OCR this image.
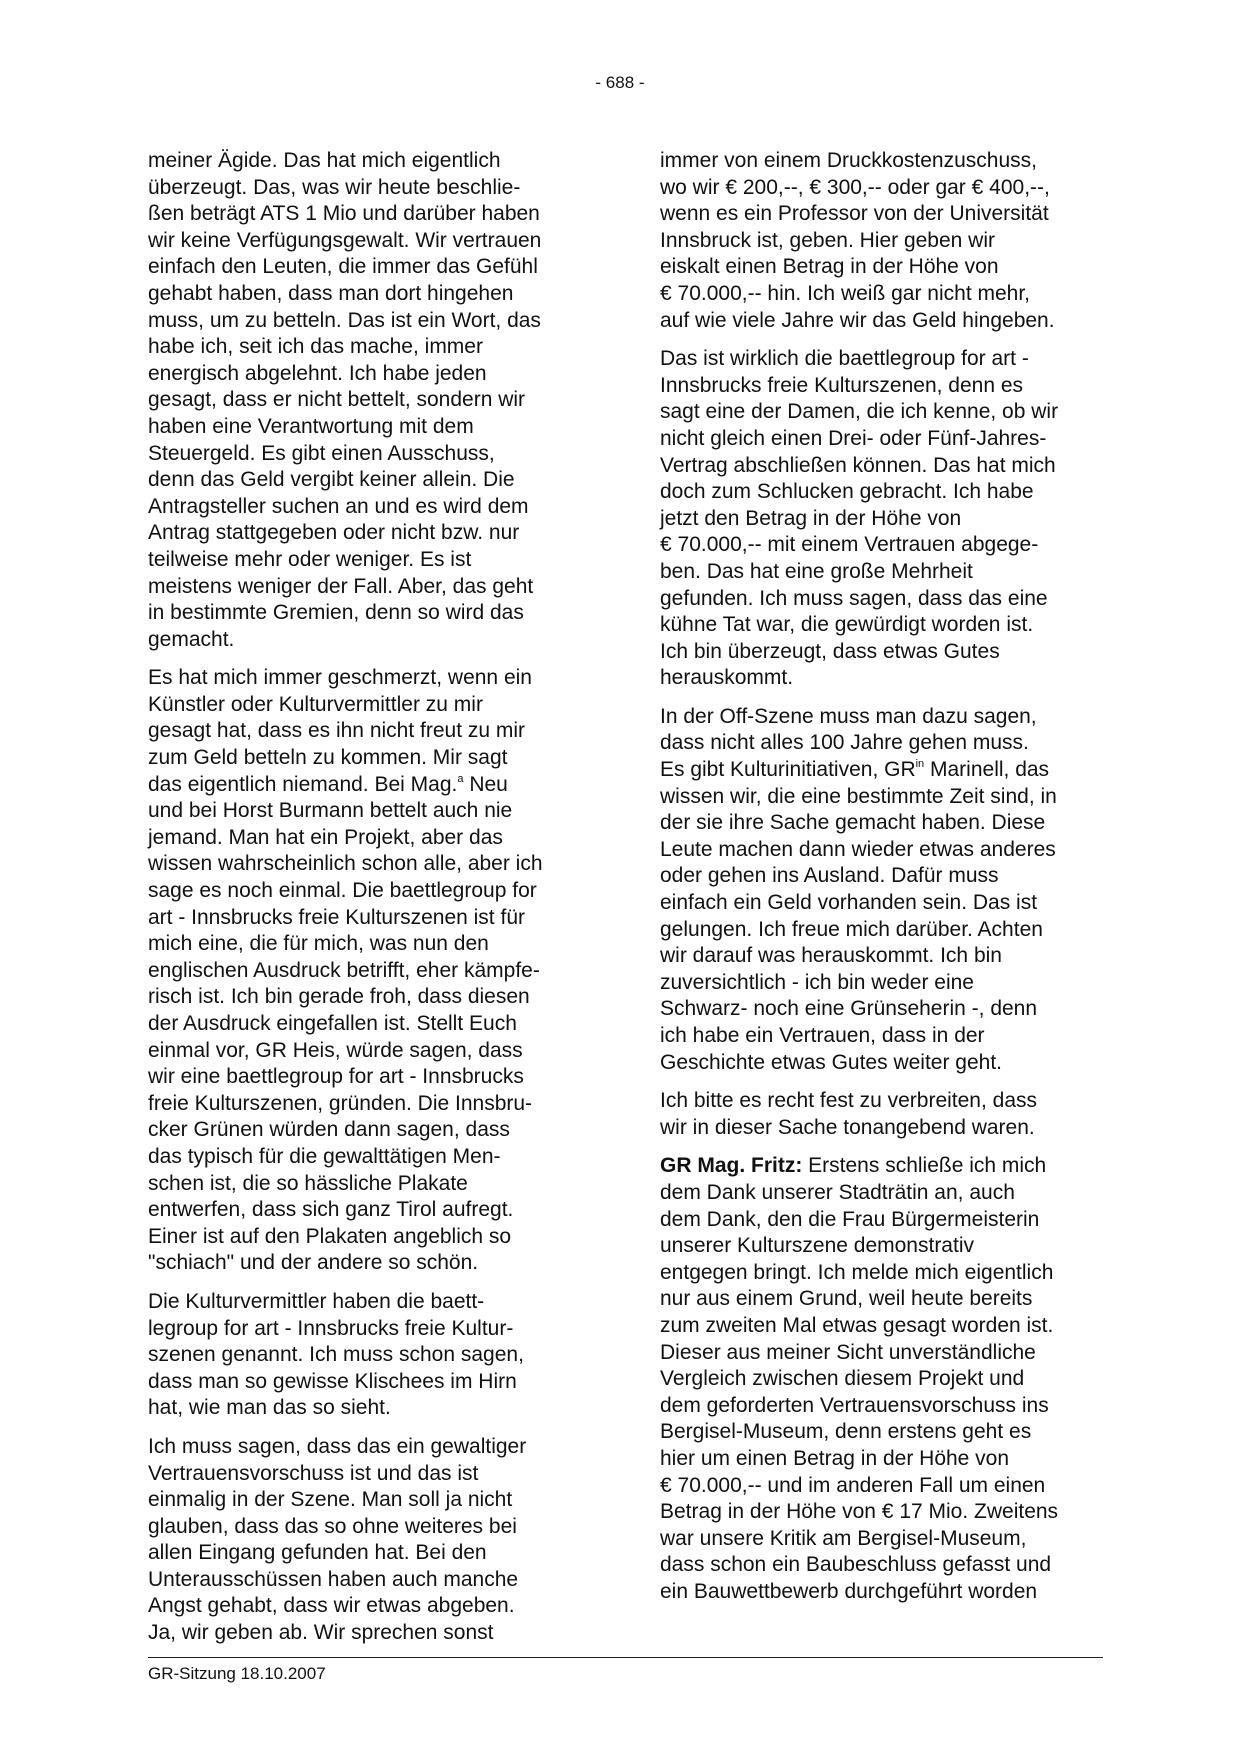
- 688 -

meiner Ägide. Das hat mich eigentlich
überzeugt. Das, was wir heute beschlie-
ßen beträgt ATS 1 Mio und darüber haben
wir keine Verfügungsgewalt. Wir vertrauen
einfach den Leuten, die immer das Gefühl
gehabt haben, dass man dort hingehen
muss, um zu betteln. Das ist ein Wort, das
habe ich, seit ich das mache, immer
energisch abgelehnt. Ich habe jeden
gesagt, dass er nicht bettelt, sondern wir
haben eine Verantwortung mit dem
Steuergeld. Es gibt einen Ausschuss,
denn das Geld vergibt keiner allein. Die
Antragsteller suchen an und es wird dem
Antrag stattgegeben oder nicht bzw. nur
teilweise mehr oder weniger. Es ist
meistens weniger der Fall. Aber, das geht
in bestimmte Gremien, denn so wird das
gemacht.

Es hat mich immer geschmerzt, wenn ein
Künstler oder Kulturvermittler zu mir
gesagt hat, dass es ihn nicht freut zu mir
zum Geld betteln zu kommen. Mir sagt
das eigentlich niemand. Bei Mag.$^a$ Neu
und bei Horst Burmann bettelt auch nie
jemand. Man hat ein Projekt, aber das
wissen wahrscheinlich schon alle, aber ich
sage es noch einmal. Die baettlegroup for
art - Innsbrucks freie Kulturszenen ist für
mich eine, die für mich, was nun den
englischen Ausdruck betrifft, eher kämpfe-
risch ist. Ich bin gerade froh, dass diesen
der Ausdruck eingefallen ist. Stellt Euch
einmal vor, GR Heis, würde sagen, dass
wir eine baettlegroup for art - Innsbrucks
freie Kulturszenen, gründen. Die Innsbru-
cker Grünen würden dann sagen, dass
das typisch für die gewalttätigen Men-
schen ist, die so hässliche Plakate
entwerfen, dass sich ganz Tirol aufregt.
Einer ist auf den Plakaten angeblich so
"schiach" und der andere so schön.

Die Kulturvermittler haben die baett-
legroup for art - Innsbrucks freie Kultur-
szenen genannt. Ich muss schon sagen,
dass man so gewisse Klischees im Hirn
hat, wie man das so sieht.

Ich muss sagen, dass das ein gewaltiger
Vertrauensvorschuss ist und das ist
einmalig in der Szene. Man soll ja nicht
glauben, dass das so ohne weiteres bei
allen Eingang gefunden hat. Bei den
Unterausschüssen haben auch manche
Angst gehabt, dass wir etwas abgeben.
Ja, wir geben ab. Wir sprechen sonst

immer von einem Druckkostenzuschuss,
wo wir € 200,--, € 300,-- oder gar € 400,--,
wenn es ein Professor von der Universität
Innsbruck ist, geben. Hier geben wir
eiskalt einen Betrag in der Höhe von
€ 70.000,-- hin. Ich weiß gar nicht mehr,
auf wie viele Jahre wir das Geld hingeben.

Das ist wirklich die baettlegroup for art -
Innsbrucks freie Kulturszenen, denn es
sagt eine der Damen, die ich kenne, ob wir
nicht gleich einen Drei- oder Fünf-Jahres-
Vertrag abschließen können. Das hat mich
doch zum Schlucken gebracht. Ich habe
jetzt den Betrag in der Höhe von
€ 70.000,-- mit einem Vertrauen abgege-
ben. Das hat eine große Mehrheit
gefunden. Ich muss sagen, dass das eine
kühne Tat war, die gewürdigt worden ist.
Ich bin überzeugt, dass etwas Gutes
herauskommt.

In der Off-Szene muss man dazu sagen,
dass nicht alles 100 Jahre gehen muss.
Es gibt Kulturinitiativen, $GR^{in}$ Marinell, das
wissen wir, die eine bestimmte Zeit sind, in
der sie ihre Sache gemacht haben. Diese
Leute machen dann wieder etwas anderes
oder gehen ins Ausland. Dafür muss
einfach ein Geld vorhanden sein. Das ist
gelungen. Ich freue mich darüber. Achten
wir darauf was herauskommt. Ich bin
zuversichtlich - ich bin weder eine
Schwarz- noch eine Grünseherin -, denn
ich habe ein Vertrauen, dass in der
Geschichte etwas Gutes weiter geht.

Ich bitte es recht fest zu verbreiten, dass
wir in dieser Sache tonangebend waren.

GR Mag. Fritz: Erstens schließe ich mich
dem Dank unserer Stadträtin an, auch
dem Dank, den die Frau Bürgermeisterin
unserer Kulturszene demonstrativ
entgegen bringt. Ich melde mich eigentlich
nur aus einem Grund, weil heute bereits
zum zweiten Mal etwas gesagt worden ist.
Dieser aus meiner Sicht unverständliche
Vergleich zwischen diesem Projekt und
dem geforderten Vertrauensvorschuss ins
Bergisel-Museum, denn erstens geht es
hier um einen Betrag in der Höhe von
€ 70.000,-- und im anderen Fall um einen
Betrag in der Höhe von € 17 Mio. Zweitens
war unsere Kritik am Bergisel-Museum,
dass schon ein Baubeschluss gefasst und
ein Bauwettbewerb durchgeführt worden

GR-Sitzung 18.10.2007
